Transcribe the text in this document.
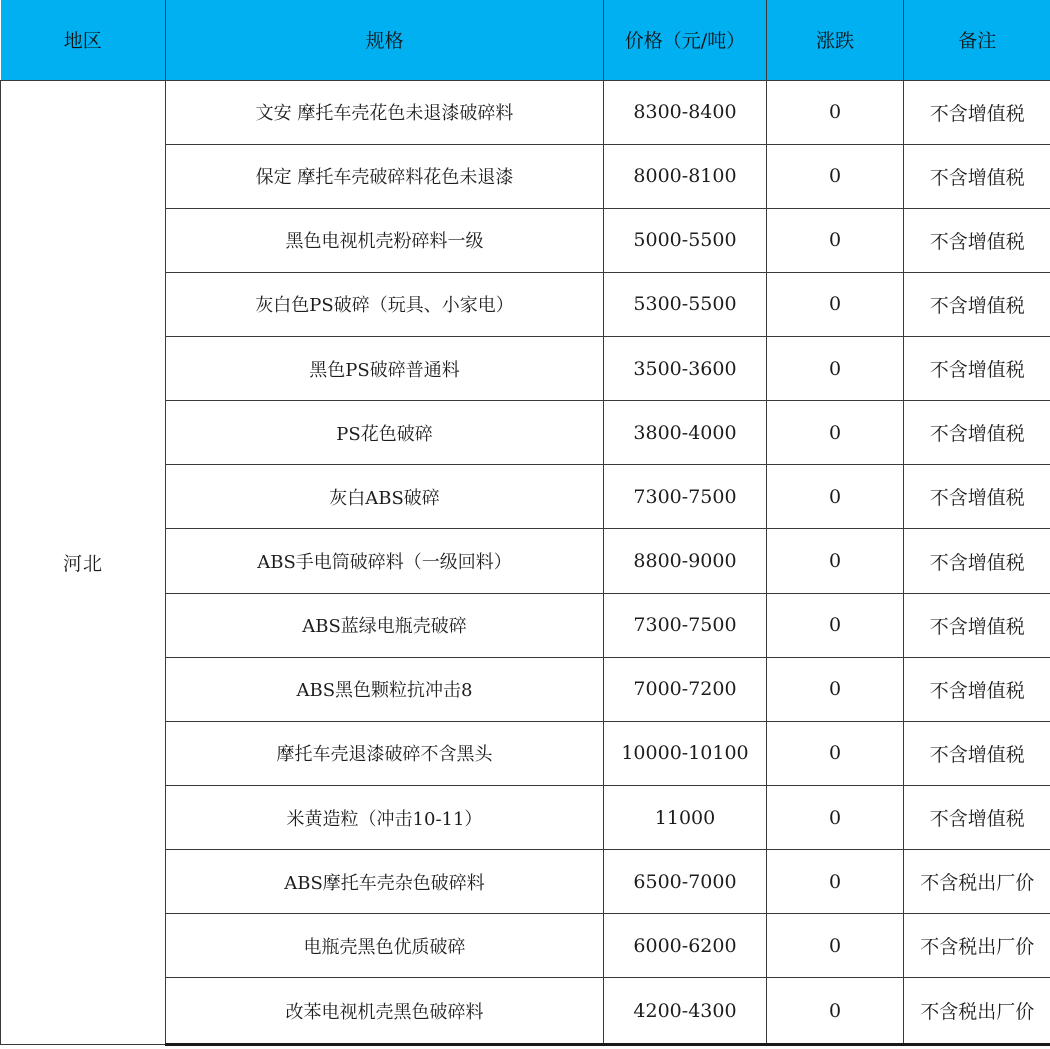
地区	规格	价格（元/吨）	涨跌	备注
河北	文安 摩托车壳花色未退漆破碎料	8300-8400	0	不含增值税
	保定 摩托车壳破碎料花色未退漆	8000-8100	0	不含增值税
	黑色电视机壳粉碎料一级	5000-5500	0	不含增值税
	灰白色PS破碎（玩具、小家电）	5300-5500	0	不含增值税
	黑色PS破碎普通料	3500-3600	0	不含增值税
	PS花色破碎	3800-4000	0	不含增值税
	灰白ABS破碎	7300-7500	0	不含增值税
	ABS手电筒破碎料（一级回料）	8800-9000	0	不含增值税
	ABS蓝绿电瓶壳破碎	7300-7500	0	不含增值税
	ABS黑色颗粒抗冲击8	7000-7200	0	不含增值税
	摩托车壳退漆破碎不含黑头	10000-10100	0	不含增值税
	米黄造粒（冲击10-11）	11000	0	不含增值税
	ABS摩托车壳杂色破碎料	6500-7000	0	不含税出厂价
	电瓶壳黑色优质破碎	6000-6200	0	不含税出厂价
	改苯电视机壳黑色破碎料	4200-4300	0	不含税出厂价
